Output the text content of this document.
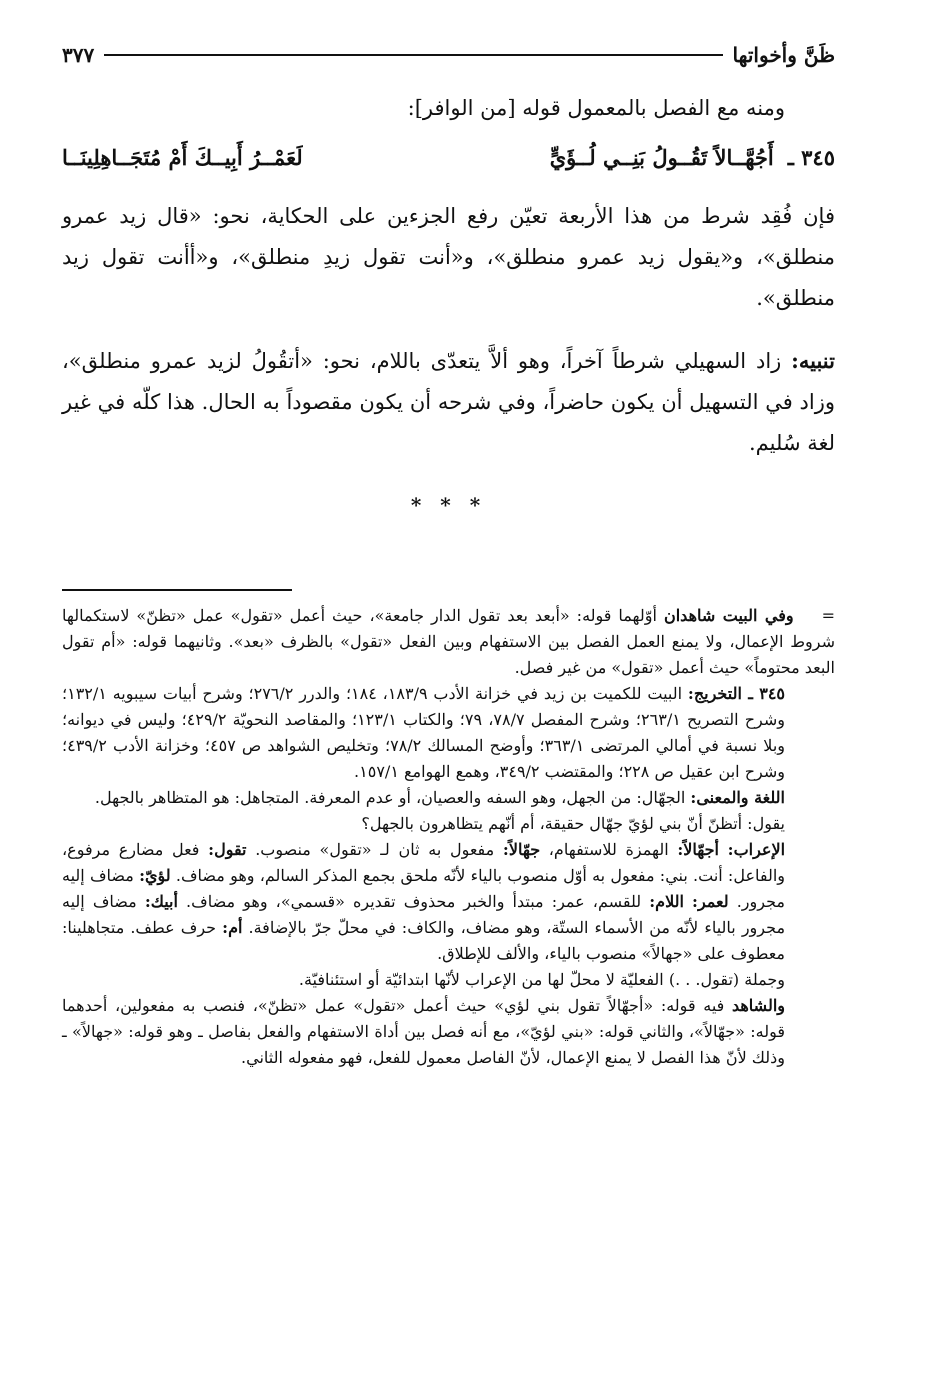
ظَنَّ وأخواتها
٣٧٧

ومنه مع الفصل بالمعمول قوله [من الوافر]:

٣٤٥ ـ
أَجُهَّــالاً تَقُــولُ بَنِــي لُــؤَيٍّ
لَعَمْــرُ أَبِيــكَ أَمْ مُتَجَــاهِلِينَــا

فإن فُقِد شرط من هذا الأربعة تعيّن رفع الجزءين على الحكاية، نحو: «قال زيد عمرو منطلق»، و«يقول زيد عمرو منطلق»، و«أنت تقول زيدِ منطلق»، و«أأنت تقول زيد منطلق».

تنبيه: زاد السهيلي شرطاً آخراً، وهو ألاَّ يتعدّى باللام، نحو: «أتقُولُ لزيد عمرو منطلق»، وزاد في التسهيل أن يكون حاضراً، وفي شرحه أن يكون مقصوداً به الحال. هذا كلّه في غير لغة سُليم.

* * *

=    وفي البيت شاهدان أوّلهما قوله: «أبعد بعد تقول الدار جامعة»، حيث أعمل «تقول» عمل «تظنّ» لاستكمالها شروط الإعمال، ولا يمنع العمل الفصل بين الاستفهام وبين الفعل «تقول» بالظرف «بعد». وثانيهما قوله: «أم تقول البعد محتوماً» حيث أعمل «تقول» من غير فصل.

٣٤٥ ـ التخريج: البيت للكميت بن زيد في خزانة الأدب ١٨٣/٩، ١٨٤؛ والدرر ٢٧٦/٢؛ وشرح أبيات سيبويه ١٣٢/١؛ وشرح التصريح ٢٦٣/١؛ وشرح المفصل ٧٨/٧، ٧٩؛ والكتاب ١٢٣/١؛ والمقاصد النحويّة ٤٢٩/٢؛ وليس في ديوانه؛ وبلا نسبة في أمالي المرتضى ٣٦٣/١؛ وأوضح المسالك ٧٨/٢؛ وتخليص الشواهد ص ٤٥٧؛ وخزانة الأدب ٤٣٩/٢؛ وشرح ابن عقيل ص ٢٢٨؛ والمقتضب ٣٤٩/٢، وهمع الهوامع ١٥٧/١.

اللغة والمعنى: الجهّال: من الجهل، وهو السفه والعصيان، أو عدم المعرفة. المتجاهل: هو المتظاهر بالجهل.

يقول: أتظنّ أنّ بني لؤيّ جهّال حقيقة، أم أنّهم يتظاهرون بالجهل؟

الإعراب: أجهّالاً: الهمزة للاستفهام، جهّالاً: مفعول به ثان لـ «تقول» منصوب. تقول: فعل مضارع مرفوع، والفاعل: أنت. بني: مفعول به أوّل منصوب بالياء لأنّه ملحق بجمع المذكر السالم، وهو مضاف. لؤيّ: مضاف إليه مجرور. لعمر: اللام: للقسم، عمر: مبتدأ والخبر محذوف تقديره «قسمي»، وهو مضاف. أبيك: مضاف إليه مجرور بالياء لأنّه من الأسماء الستّة، وهو مضاف، والكاف: في محلّ جرّ بالإضافة. أم: حرف عطف. متجاهلينا: معطوف على «جهالاً» منصوب بالياء، والألف للإطلاق.

وجملة (تقول. . .) الفعليّة لا محلّ لها من الإعراب لأنّها ابتدائيّة أو استئنافيّة.

والشاهد فيه قوله: «أجهّالاً تقول بني لؤي» حيث أعمل «تقول» عمل «تظنّ»، فنصب به مفعولين، أحدهما قوله: «جهّالاً»، والثاني قوله: «بني لؤيّ»، مع أنه فصل بين أداة الاستفهام والفعل بفاصل ـ وهو قوله: «جهالاً» ـ وذلك لأنّ هذا الفصل لا يمنع الإعمال، لأنّ الفاصل معمول للفعل، فهو مفعوله الثاني.
